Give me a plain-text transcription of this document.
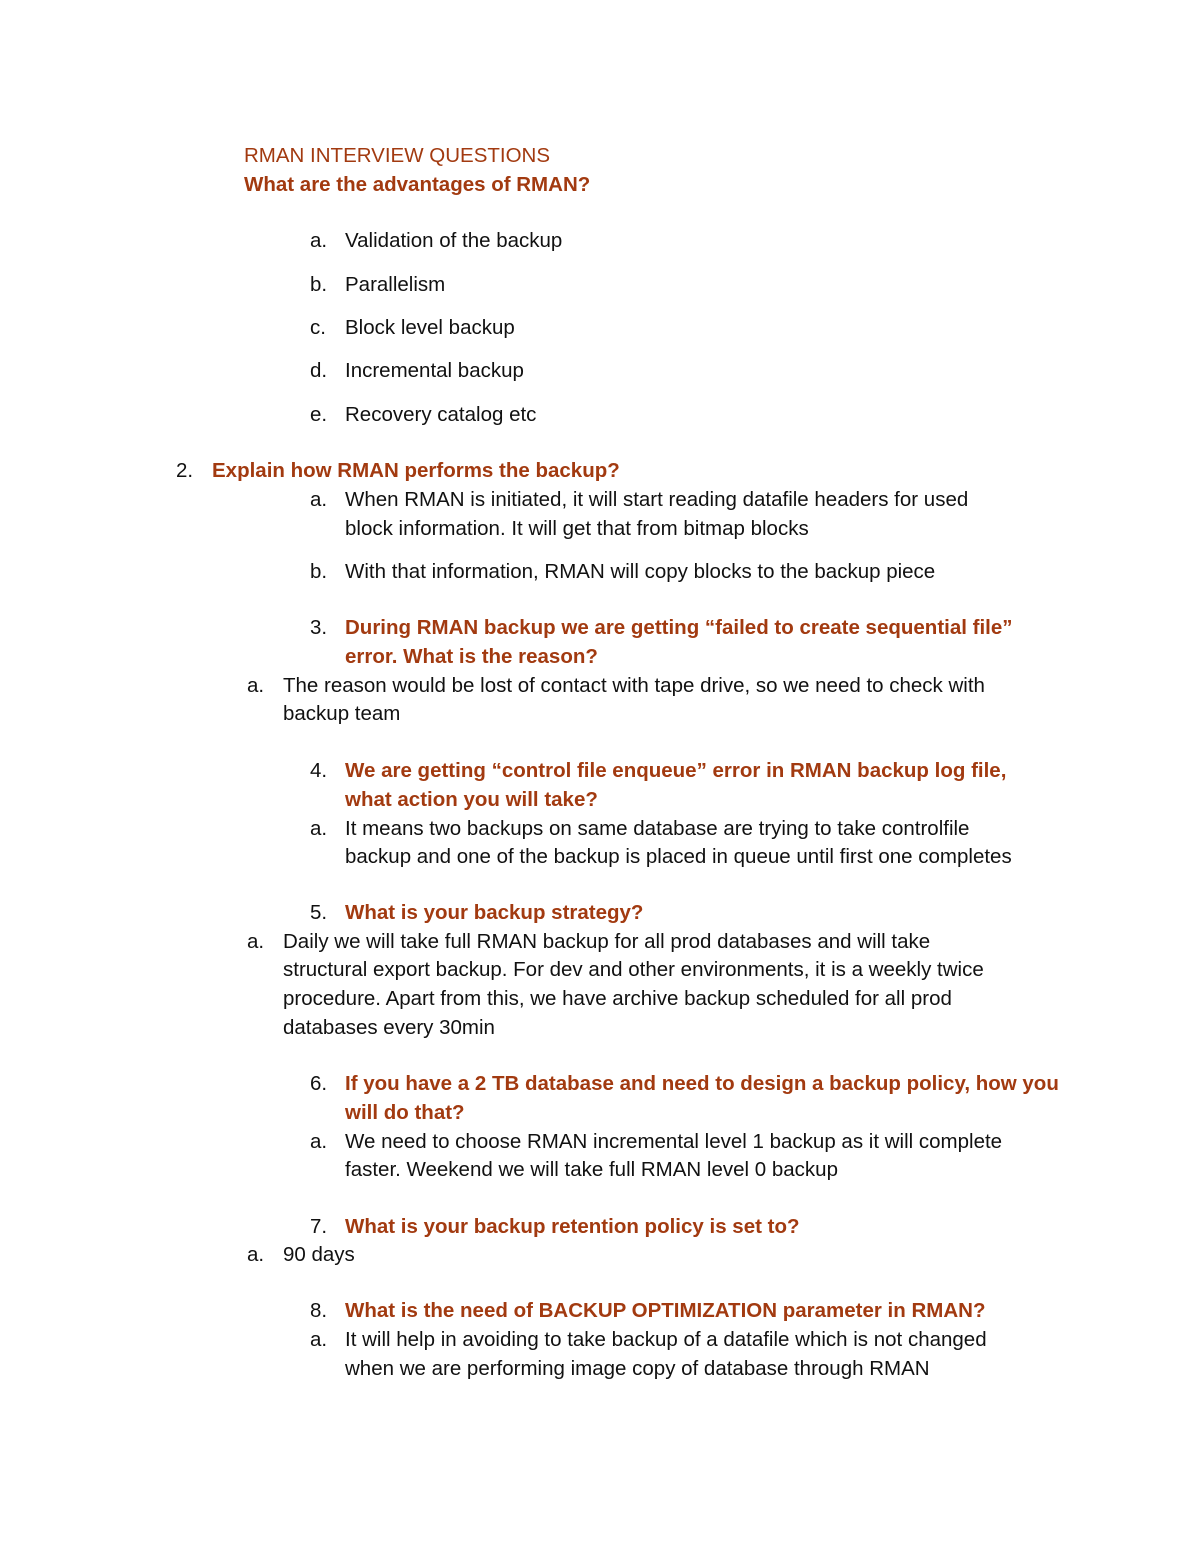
RMAN INTERVIEW QUESTIONS
What are the advantages of RMAN?
a. Validation of the backup
b. Parallelism
c. Block level backup
d. Incremental backup
e. Recovery catalog etc
2. Explain how RMAN performs the backup?
a. When RMAN is initiated, it will start reading datafile headers for used
block information. It will get that from bitmap blocks
b. With that information, RMAN will copy blocks to the backup piece
3. During RMAN backup we are getting “failed to create sequential file”
error. What is the reason?
a. The reason would be lost of contact with tape drive, so we need to check with
backup team
4. We are getting “control file enqueue” error in RMAN backup log file,
what action you will take?
a. It means two backups on same database are trying to take controlfile
backup and one of the backup is placed in queue until first one completes
5. What is your backup strategy?
a. Daily we will take full RMAN backup for all prod databases and will take
structural export backup. For dev and other environments, it is a weekly twice
procedure. Apart from this, we have archive backup scheduled for all prod
databases every 30min
6. If you have a 2 TB database and need to design a backup policy, how you
will do that?
a. We need to choose RMAN incremental level 1 backup as it will complete
faster. Weekend we will take full RMAN level 0 backup
7. What is your backup retention policy is set to?
a. 90 days
8. What is the need of BACKUP OPTIMIZATION parameter in RMAN?
a. It will help in avoiding to take backup of a datafile which is not changed
when we are performing image copy of database through RMAN
